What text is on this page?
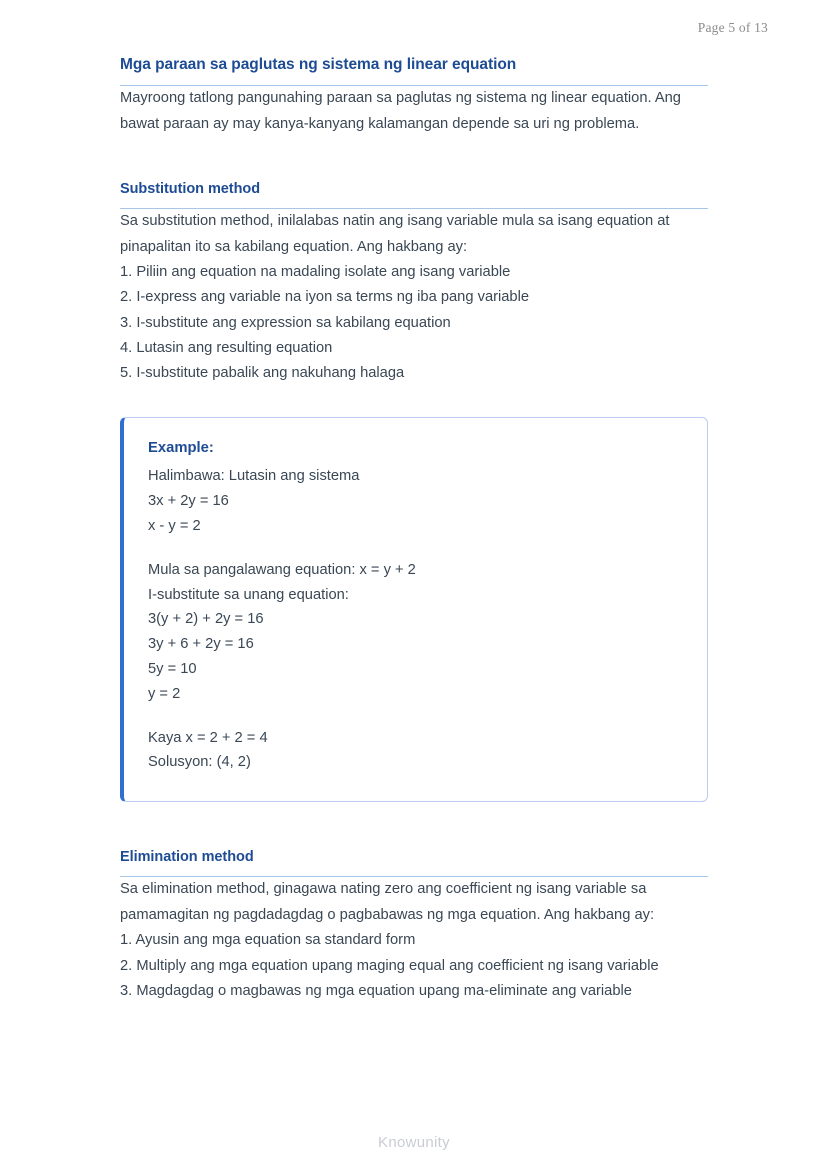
Page 5 of 13
Mga paraan sa paglutas ng sistema ng linear equation

Mayroong tatlong pangunahing paraan sa paglutas ng sistema ng linear equation. Ang bawat paraan ay may kanya-kanyang kalamangan depende sa uri ng problema.

Substitution method

Sa substitution method, inilalabas natin ang isang variable mula sa isang equation at pinapalitan ito sa kabilang equation. Ang hakbang ay:

1. Piliin ang equation na madaling isolate ang isang variable
2. I-express ang variable na iyon sa terms ng iba pang variable
3. I-substitute ang expression sa kabilang equation
4. Lutasin ang resulting equation
5. I-substitute pabalik ang nakuhang halaga
Example:
Halimbawa: Lutasin ang sistema
3x + 2y = 16
x - y = 2
Mula sa pangalawang equation: x = y + 2
I-substitute sa unang equation:
3(y + 2) + 2y = 16
3y + 6 + 2y = 16
5y = 10
y = 2
Kaya x = 2 + 2 = 4
Solusyon: (4, 2)
Elimination method

Sa elimination method, ginagawa nating zero ang coefficient ng isang variable sa pamamagitan ng pagdadagdag o pagbabawas ng mga equation. Ang hakbang ay:

1. Ayusin ang mga equation sa standard form
2. Multiply ang mga equation upang maging equal ang coefficient ng isang variable
3. Magdagdag o magbawas ng mga equation upang ma-eliminate ang variable
Knowunity
